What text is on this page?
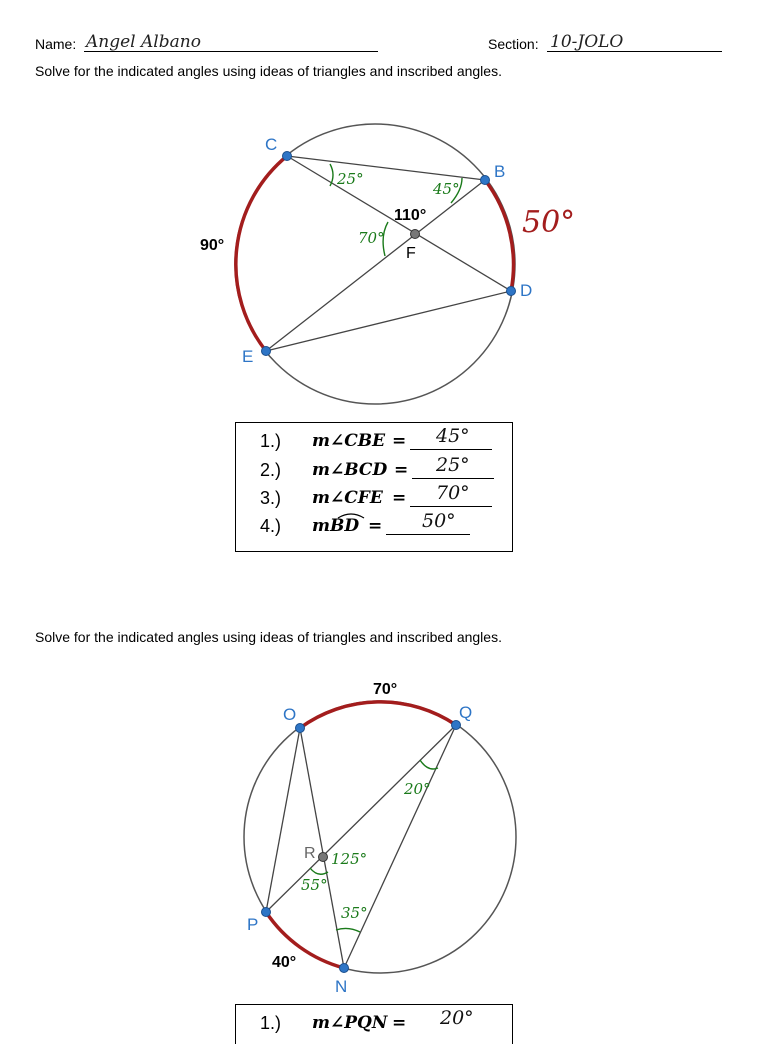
Name: Angel Albano	Section: 10-JOLO
Solve for the indicated angles using ideas of triangles and inscribed angles.
C
B
D
E
F
90°
110°	50°
25°
45°
70°
1.) m∠CBE = 45°
2.) m∠BCD = 25°
3.) m∠CFE = 70°
4.) mBD = 50°
Solve for the indicated angles using ideas of triangles and inscribed angles.
O	Q
P
N
R
70°
40°
20°
125°
55°
35°
1.) m∠PQN = 20°
